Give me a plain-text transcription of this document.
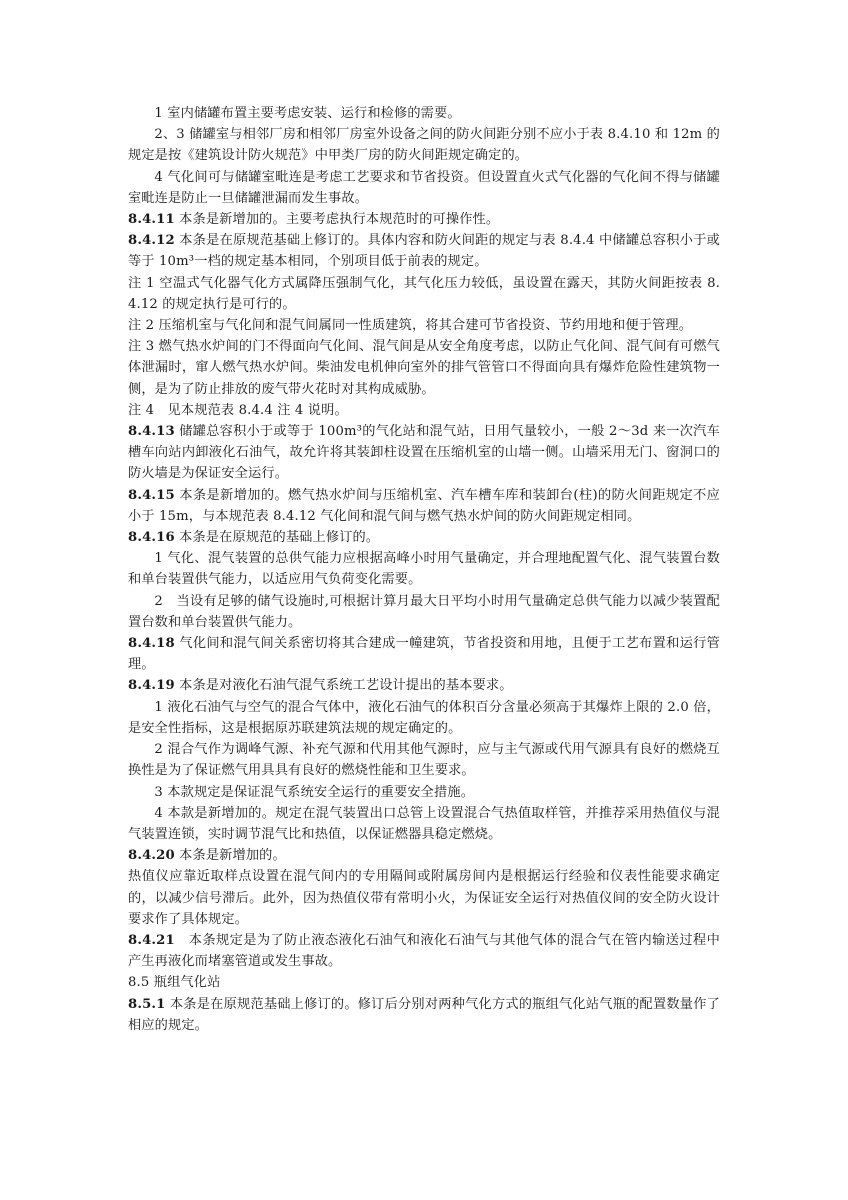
1 室内储罐布置主要考虑安装、运行和检修的需要。

2、3 储罐室与相邻厂房和相邻厂房室外设备之间的防火间距分别不应小于表 8.4.10 和 12m 的规定是按《建筑设计防火规范》中甲类厂房的防火间距规定确定的。

4 气化间可与储罐室毗连是考虑工艺要求和节省投资。但设置直火式气化器的气化间不得与储罐室毗连是防止一旦储罐泄漏而发生事故。

8.4.11 本条是新增加的。主要考虑执行本规范时的可操作性。

8.4.12 本条是在原规范基础上修订的。具体内容和防火间距的规定与表 8.4.4 中储罐总容积小于或等于 10m³一档的规定基本相同，个别项目低于前表的规定。

注 1 空温式气化器气化方式属降压强制气化，其气化压力较低，虽设置在露天，其防火间距按表 8.4.12 的规定执行是可行的。

注 2 压缩机室与气化间和混气间属同一性质建筑，将其合建可节省投资、节约用地和便于管理。

注 3 燃气热水炉间的门不得面向气化间、混气间是从安全角度考虑，以防止气化间、混气间有可燃气体泄漏时，窜人燃气热水炉间。柴油发电机伸向室外的排气管管口不得面向具有爆炸危险性建筑物一侧，是为了防止排放的废气带火花时对其构成威胁。

注 4　见本规范表 8.4.4 注 4 说明。

8.4.13 储罐总容积小于或等于 100m³的气化站和混气站，日用气量较小，一般 2～3d 来一次汽车槽车向站内卸液化石油气，故允许将其装卸柱设置在压缩机室的山墙一侧。山墙采用无门、窗洞口的防火墙是为保证安全运行。

8.4.15 本条是新增加的。燃气热水炉间与压缩机室、汽车槽车库和装卸台(柱)的防火间距规定不应小于 15m，与本规范表 8.4.12 气化间和混气间与燃气热水炉间的防火间距规定相同。

8.4.16 本条是在原规范的基础上修订的。

1 气化、混气装置的总供气能力应根据高峰小时用气量确定，并合理地配置气化、混气装置台数和单台装置供气能力，以适应用气负荷变化需要。

2　当设有足够的储气设施时,可根据计算月最大日平均小时用气量确定总供气能力以减少装置配置台数和单台装置供气能力。

8.4.18 气化间和混气间关系密切将其合建成一幢建筑，节省投资和用地，且便于工艺布置和运行管理。

8.4.19 本条是对液化石油气混气系统工艺设计提出的基本要求。

1 液化石油气与空气的混合气体中，液化石油气的体积百分含量必须高于其爆炸上限的 2.0 倍，是安全性指标，这是根据原苏联建筑法规的规定确定的。

2 混合气作为调峰气源、补充气源和代用其他气源时，应与主气源或代用气源具有良好的燃烧互换性是为了保证燃气用具具有良好的燃烧性能和卫生要求。

3 本款规定是保证混气系统安全运行的重要安全措施。

4 本款是新增加的。规定在混气装置出口总管上设置混合气热值取样管，并推荐采用热值仪与混气装置连锁，实时调节混气比和热值，以保证燃器具稳定燃烧。

8.4.20 本条是新增加的。

热值仪应靠近取样点设置在混气间内的专用隔间或附属房间内是根据运行经验和仪表性能要求确定的，以减少信号滞后。此外，因为热值仪带有常明小火，为保证安全运行对热值仪间的安全防火设计要求作了具体规定。

8.4.21　本条规定是为了防止液态液化石油气和液化石油气与其他气体的混合气在管内输送过程中产生再液化而堵塞管道或发生事故。

8.5 瓶组气化站

8.5.1 本条是在原规范基础上修订的。修订后分别对两种气化方式的瓶组气化站气瓶的配置数量作了相应的规定。
